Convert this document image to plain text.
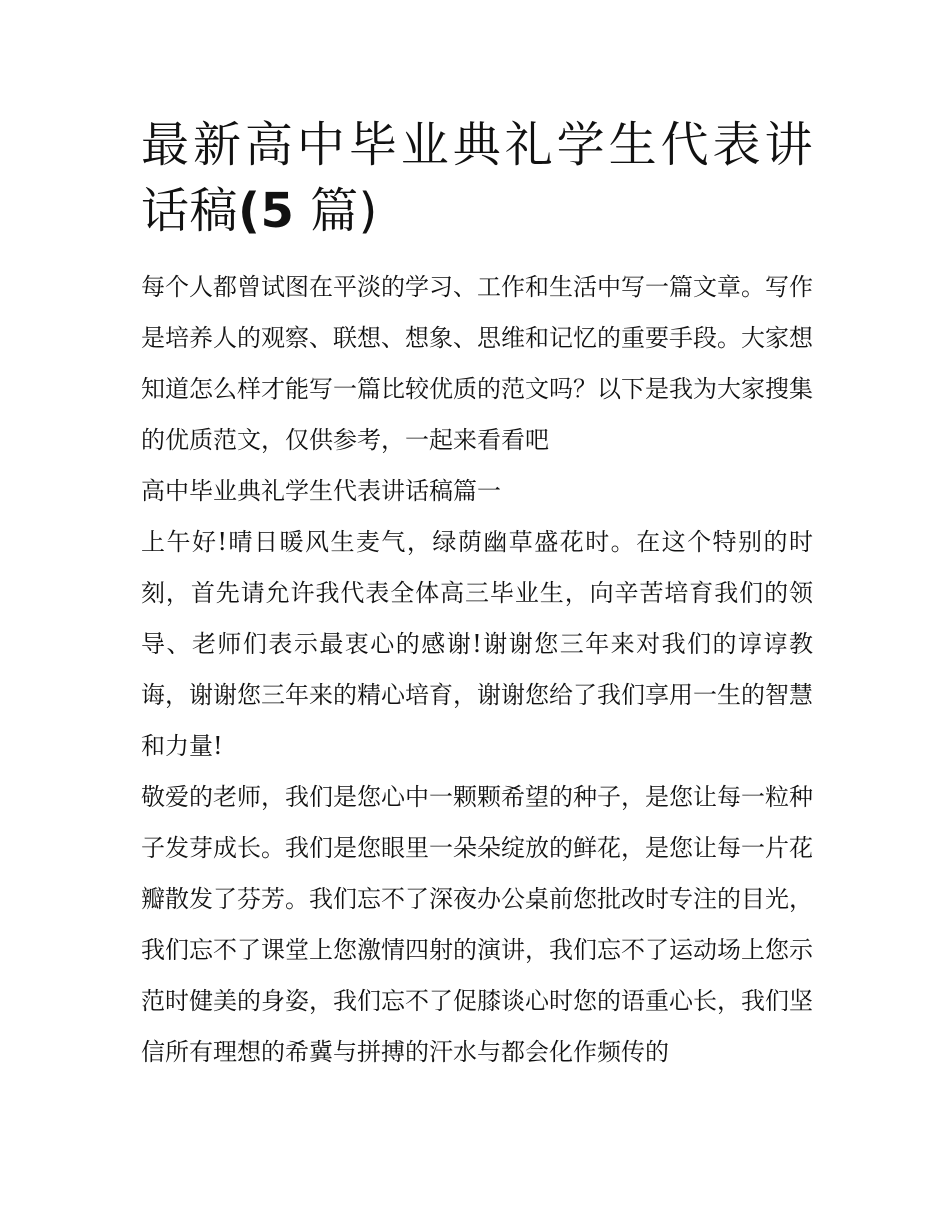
最新高中毕业典礼学生代表讲话稿(5 篇)

每个人都曾试图在平淡的学习、工作和生活中写一篇文章。写作是培养人的观察、联想、想象、思维和记忆的重要手段。大家想知道怎么样才能写一篇比较优质的范文吗？以下是我为大家搜集的优质范文，仅供参考，一起来看看吧

高中毕业典礼学生代表讲话稿篇一

上午好!晴日暖风生麦气，绿荫幽草盛花时。在这个特别的时刻，首先请允许我代表全体高三毕业生，向辛苦培育我们的领导、老师们表示最衷心的感谢!谢谢您三年来对我们的谆谆教诲，谢谢您三年来的精心培育，谢谢您给了我们享用一生的智慧和力量!

敬爱的老师，我们是您心中一颗颗希望的种子，是您让每一粒种子发芽成长。我们是您眼里一朵朵绽放的鲜花，是您让每一片花瓣散发了芬芳。我们忘不了深夜办公桌前您批改时专注的目光，我们忘不了课堂上您激情四射的演讲，我们忘不了运动场上您示范时健美的身姿，我们忘不了促膝谈心时您的语重心长，我们坚信所有理想的希冀与拼搏的汗水与都会化作频传的
